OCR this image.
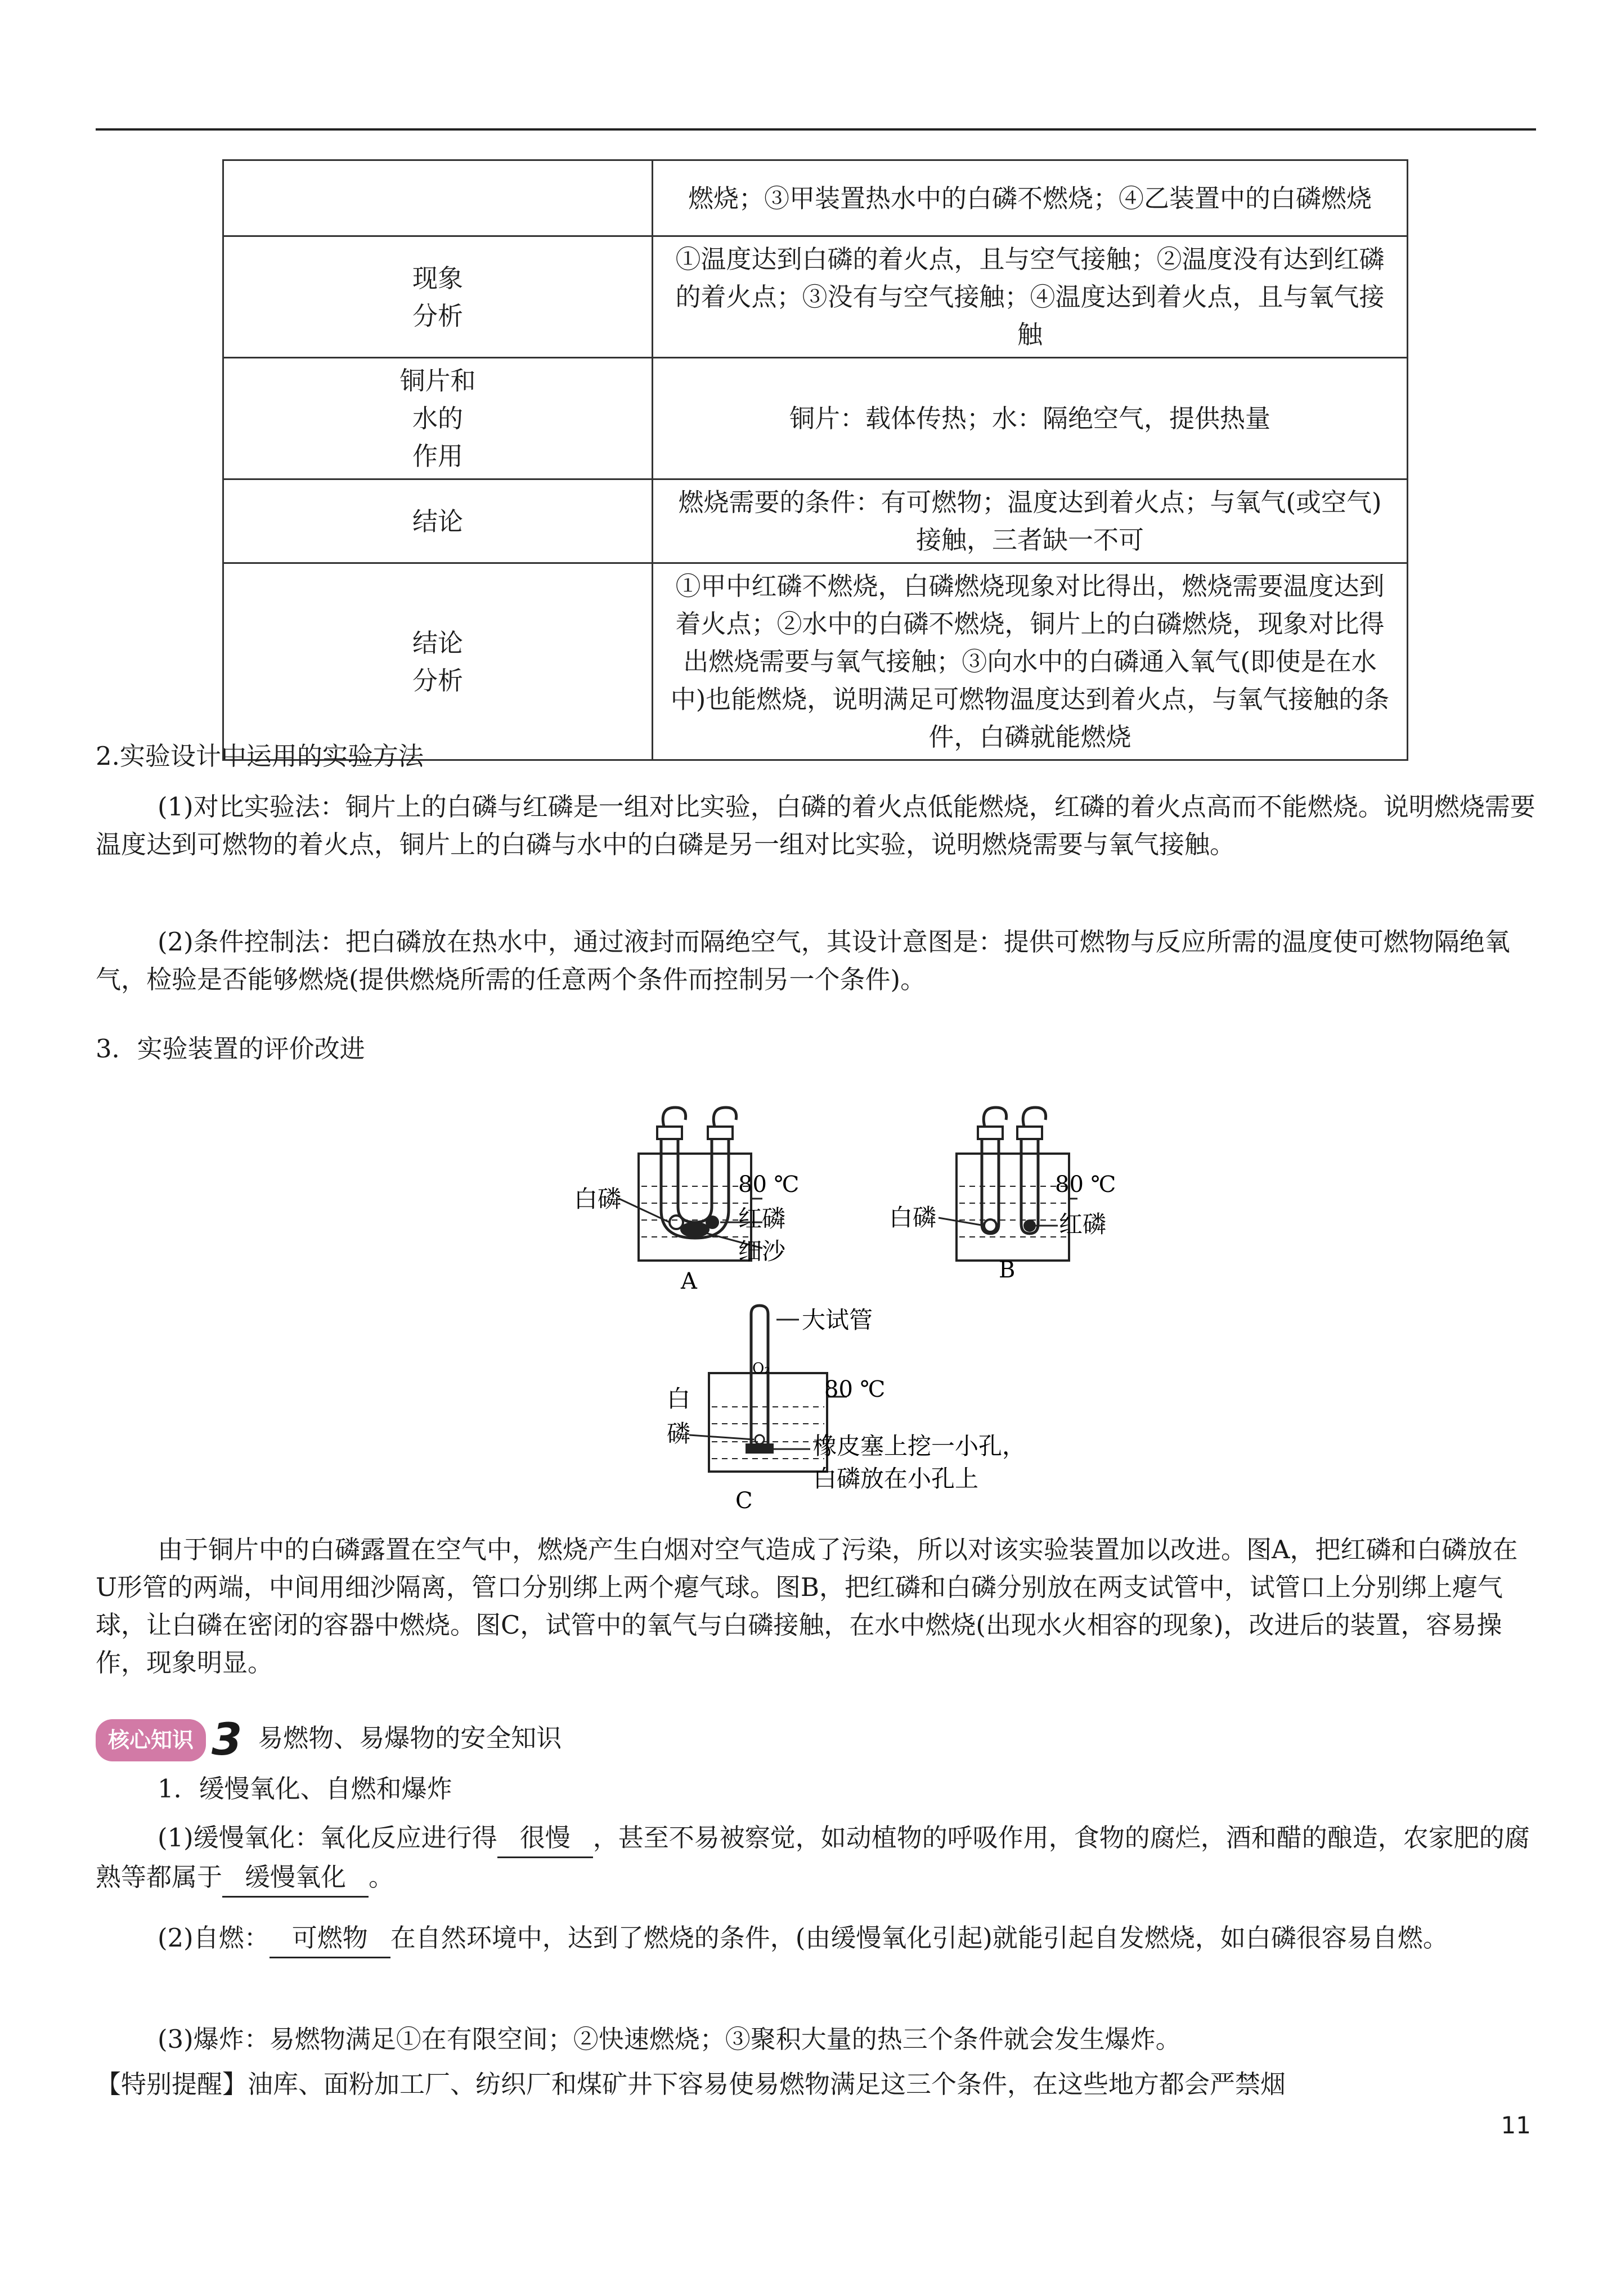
	燃烧；③甲装置热水中的白磷不燃烧；④乙装置中的白磷燃烧
现象
分析	①温度达到白磷的着火点，且与空气接触；②温度没有达到红磷的着火点；③没有与空气接触；④温度达到着火点，且与氧气接触
铜片和
水的
作用	铜片：载体传热；水：隔绝空气，提供热量
结论	燃烧需要的条件：有可燃物；温度达到着火点；与氧气(或空气)接触，三者缺一不可
结论
分析	①甲中红磷不燃烧，白磷燃烧现象对比得出，燃烧需要温度达到着火点；②水中的白磷不燃烧，铜片上的白磷燃烧，现象对比得出燃烧需要与氧气接触；③向水中的白磷通入氧气(即使是在水中)也能燃烧，说明满足可燃物温度达到着火点，与氧气接触的条件，白磷就能燃烧
2.实验设计中运用的实验方法
(1)对比实验法：铜片上的白磷与红磷是一组对比实验，白磷的着火点低能燃烧，红磷的着火点高而不能燃烧。说明燃烧需要温度达到可燃物的着火点，铜片上的白磷与水中的白磷是另一组对比实验，说明燃烧需要与氧气接触。
(2)条件控制法：把白磷放在热水中，通过液封而隔绝空气，其设计意图是：提供可燃物与反应所需的温度使可燃物隔绝氧气，检验是否能够燃烧(提供燃烧所需的任意两个条件而控制另一个条件)。
3．实验装置的评价改进
白磷
80 ℃
红磷
细沙
A
80 ℃
白磷	红磷
B
大试管
O₂
80 ℃
白
磷	橡皮塞上挖一小孔，
白磷放在小孔上
C
由于铜片中的白磷露置在空气中，燃烧产生白烟对空气造成了污染，所以对该实验装置加以改进。图A，把红磷和白磷放在U形管的两端，中间用细沙隔离，管口分别绑上两个瘪气球。图B，把红磷和白磷分别放在两支试管中，试管口上分别绑上瘪气球，让白磷在密闭的容器中燃烧。图C，试管中的氧气与白磷接触，在水中燃烧(出现水火相容的现象)，改进后的装置，容易操作，现象明显。
核心知识 3 易燃物、易爆物的安全知识
1．缓慢氧化、自燃和爆炸
(1)缓慢氧化：氧化反应进行得 很慢 ，甚至不易被察觉，如动植物的呼吸作用，食物的腐烂，酒和醋的酿造，农家肥的腐熟等都属于 缓慢氧化 。
(2)自燃： 可燃物 在自然环境中，达到了燃烧的条件，(由缓慢氧化引起)就能引起自发燃烧，如白磷很容易自燃。
(3)爆炸：易燃物满足①在有限空间；②快速燃烧；③聚积大量的热三个条件就会发生爆炸。
【特别提醒】油库、面粉加工厂、纺织厂和煤矿井下容易使易燃物满足这三个条件，在这些地方都会严禁烟
11
